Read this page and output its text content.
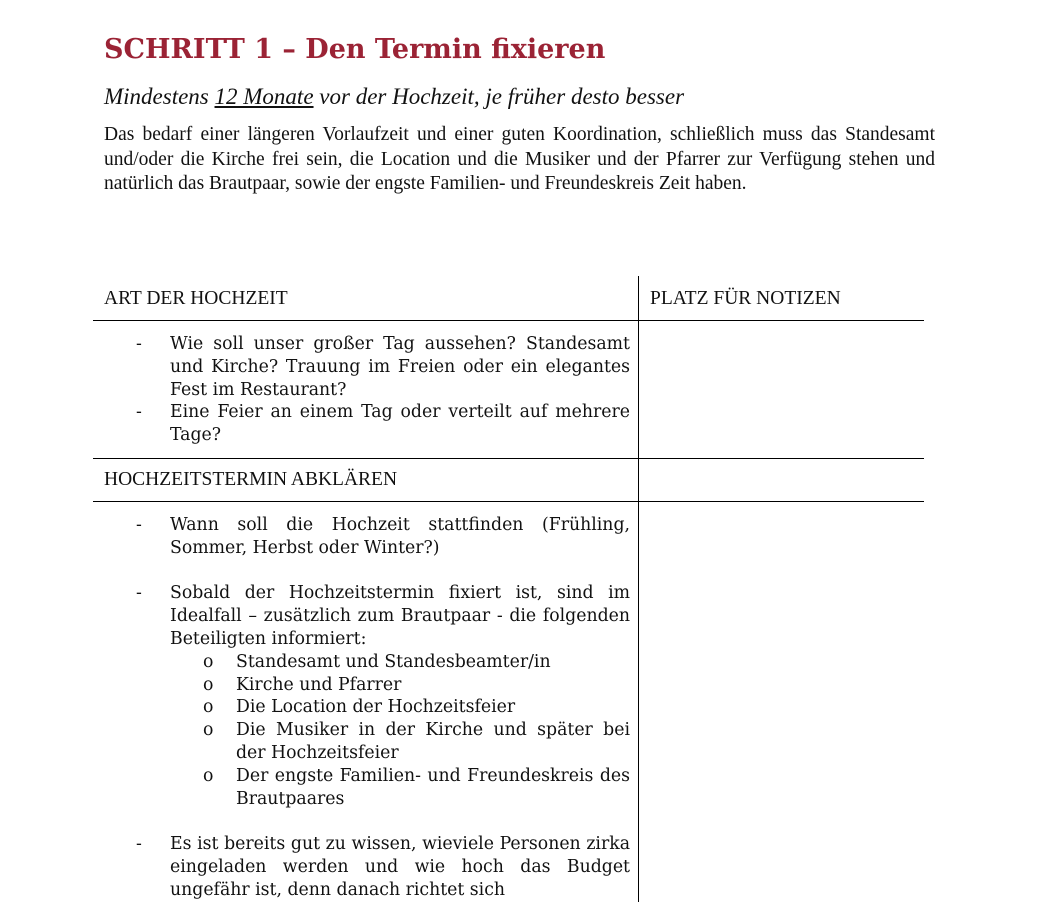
SCHRITT 1 – Den Termin fixieren
Mindestens 12 Monate vor der Hochzeit, je früher desto besser

Das bedarf einer längeren Vorlaufzeit und einer guten Koordination, schließlich muss das Standesamt und/oder die Kirche frei sein, die Location und die Musiker und der Pfarrer zur Verfügung stehen und natürlich das Brautpaar, sowie der engste Familien- und Freundeskreis Zeit haben.

ART DER HOCHZEIT	PLATZ FÜR NOTIZEN
- Wie soll unser großer Tag aussehen? Standesamt und Kirche? Trauung im Freien oder ein elegantes Fest im Restaurant?
- Eine Feier an einem Tag oder verteilt auf mehrere Tage?
HOCHZEITSTERMIN ABKLÄREN
- Wann soll die Hochzeit stattfinden (Frühling, Sommer, Herbst oder Winter?)
- Sobald der Hochzeitstermin fixiert ist, sind im Idealfall – zusätzlich zum Brautpaar - die folgenden Beteiligten informiert:
o Standesamt und Standesbeamter/in
o Kirche und Pfarrer
o Die Location der Hochzeitsfeier
o Die Musiker in der Kirche und später bei der Hochzeitsfeier
o Der engste Familien- und Freundeskreis des Brautpaares
- Es ist bereits gut zu wissen, wieviele Personen zirka eingeladen werden und wie hoch das Budget ungefähr ist, denn danach richtet sich
